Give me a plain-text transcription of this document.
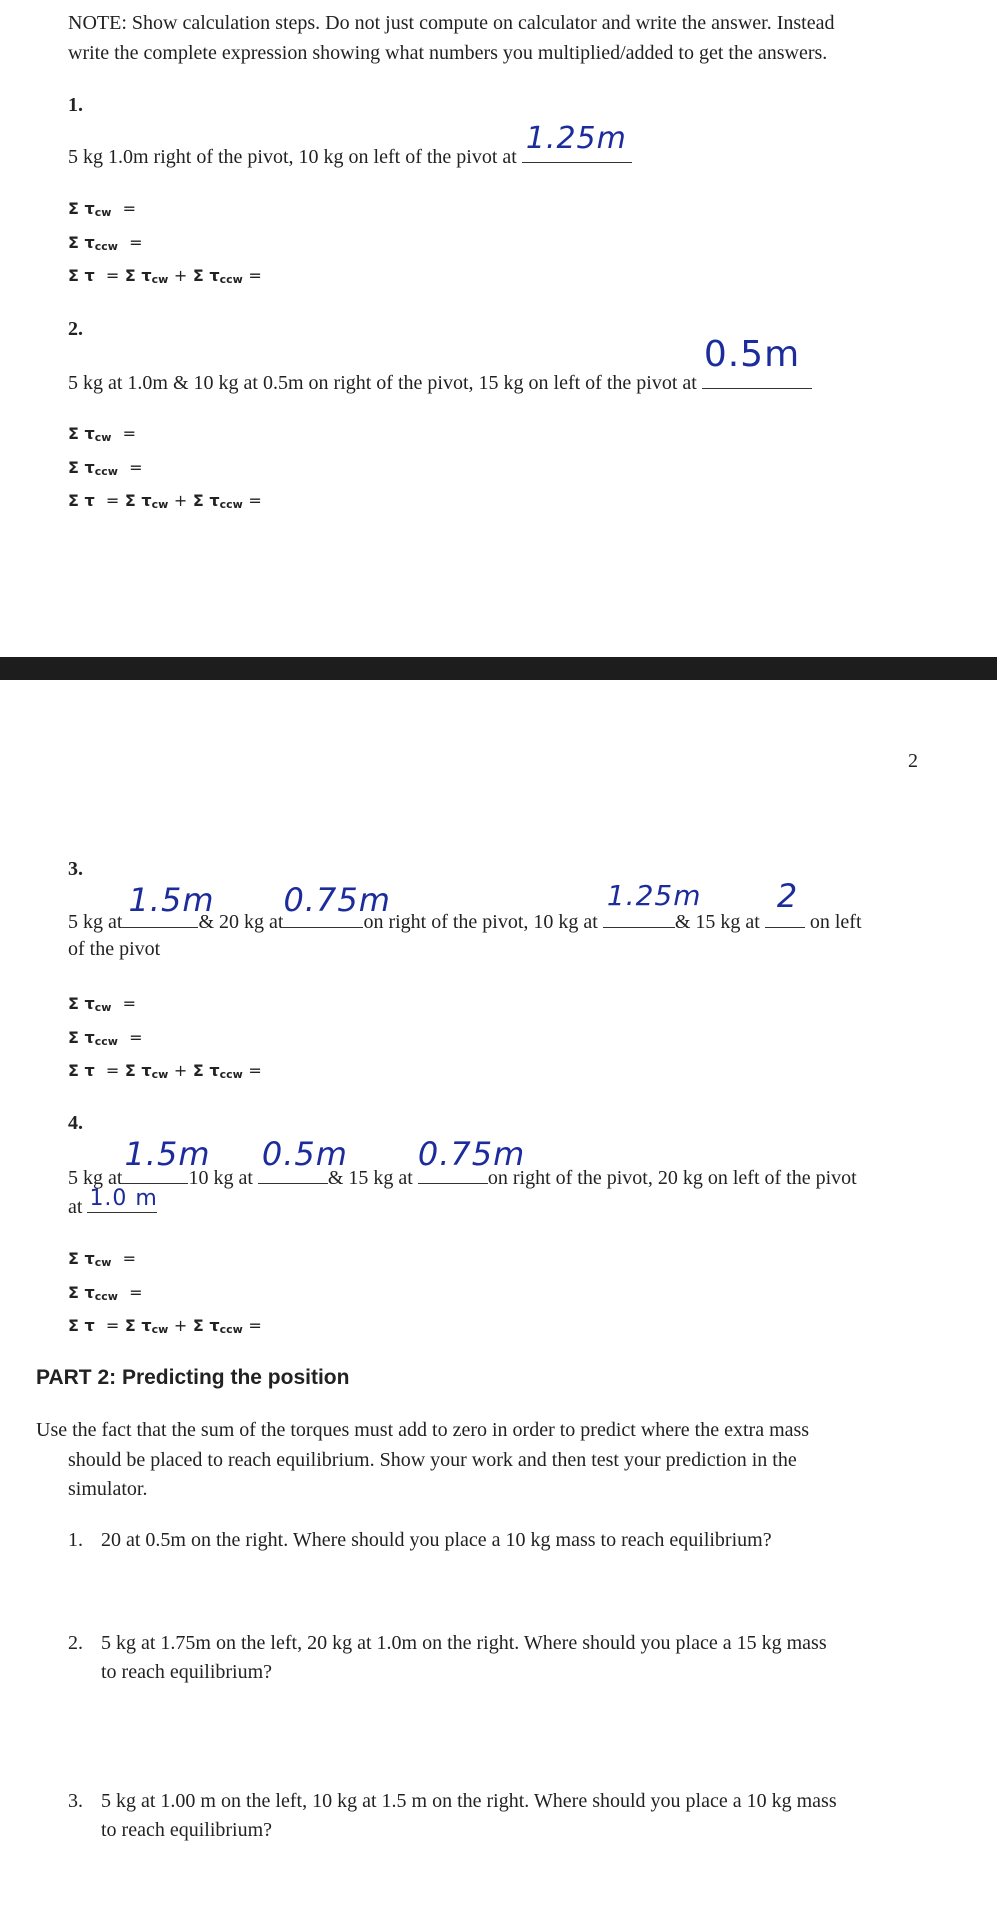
NOTE: Show calculation steps. Do not just compute on calculator and write the answer. Instead
write the complete expression showing what numbers you multiplied/added to get the answers.
1.
5 kg 1.0m right of the pivot, 10 kg on left of the pivot at
1.25m
Σ $\tau_{cw}$ =
Σ $\tau_{ccw}$ =
Σ τ = Σ $\tau_{cw} + \Sigma$ $\tau_{ccw}$ =
2.
5 kg at 1.0m & 10 kg at 0.5m on right of the pivot, 15 kg on left of the pivot at
0.5m
Σ $\tau_{cw}$ =
Σ $\tau_{ccw}$ =
Σ τ = Σ $\tau_{cw} + \Sigma$ $\tau_{ccw}$ =
2
3.
5 kg at
1.5m
& 20 kg at
0.75m
on right of the pivot, 10 kg at
1.25m
& 15 kg at
2
on left
of the pivot
Σ $\tau_{cw}$ =
Σ $\tau_{ccw}$ =
Σ τ = Σ $\tau_{cw} + \Sigma$ $\tau_{ccw}$ =
4.
5 kg at
1.5m
10 kg at
0.5m
& 15 kg at
0.75m
on right of the pivot, 20 kg on left of the pivot
at 1.0 m
Σ $\tau_{cw}$ =
Σ $\tau_{ccw}$ =
Σ τ = Σ $\tau_{cw} + \Sigma$ $\tau_{ccw}$ =
PART 2: Predicting the position
Use the fact that the sum of the torques must add to zero in order to predict where the extra mass
should be placed to reach equilibrium. Show your work and then test your prediction in the
simulator.
1. 20 at 0.5m on the right. Where should you place a 10 kg mass to reach equilibrium?
2. 5 kg at 1.75m on the left, 20 kg at 1.0m on the right. Where should you place a 15 kg mass
to reach equilibrium?
3. 5 kg at 1.00 m on the left, 10 kg at 1.5 m on the right. Where should you place a 10 kg mass
to reach equilibrium?
